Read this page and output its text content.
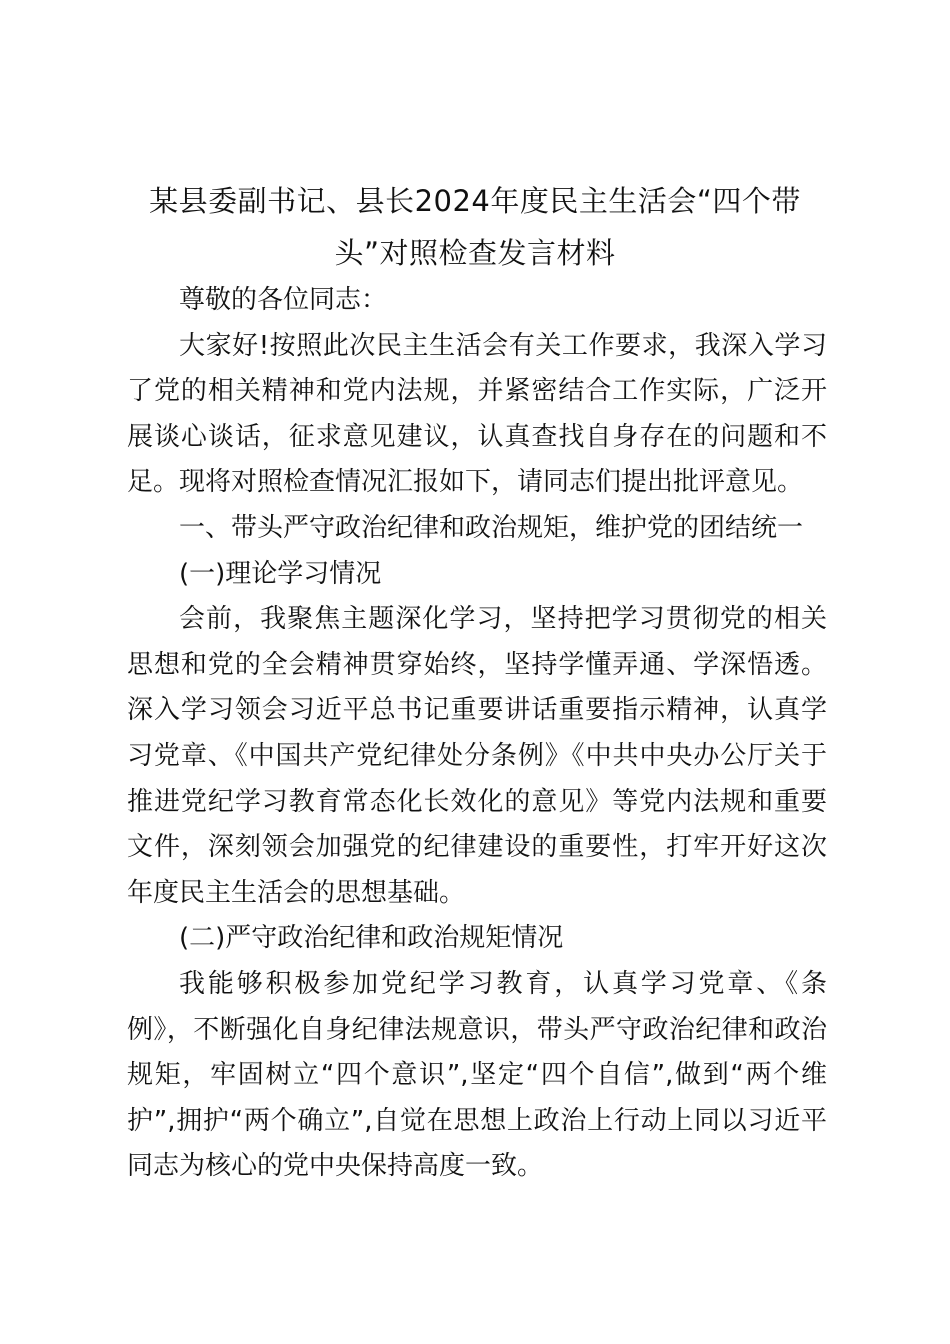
某县委副书记、县长2024年度民主生活会“四个带头”对照检查发言材料

尊敬的各位同志：

大家好!按照此次民主生活会有关工作要求，我深入学习了党的相关精神和党内法规，并紧密结合工作实际，广泛开展谈心谈话，征求意见建议，认真查找自身存在的问题和不足。现将对照检查情况汇报如下，请同志们提出批评意见。

一、带头严守政治纪律和政治规矩，维护党的团结统一

(一)理论学习情况

会前，我聚焦主题深化学习，坚持把学习贯彻党的相关思想和党的全会精神贯穿始终，坚持学懂弄通、学深悟透。深入学习领会习近平总书记重要讲话重要指示精神，认真学习党章、《中国共产党纪律处分条例》《中共中央办公厅关于推进党纪学习教育常态化长效化的意见》等党内法规和重要文件，深刻领会加强党的纪律建设的重要性，打牢开好这次年度民主生活会的思想基础。

(二)严守政治纪律和政治规矩情况

我能够积极参加党纪学习教育，认真学习党章、《条例》，不断强化自身纪律法规意识，带头严守政治纪律和政治规矩，牢固树立“四个意识”,坚定“四个自信”,做到“两个维护”,拥护“两个确立”,自觉在思想上政治上行动上同以习近平同志为核心的党中央保持高度一致。
